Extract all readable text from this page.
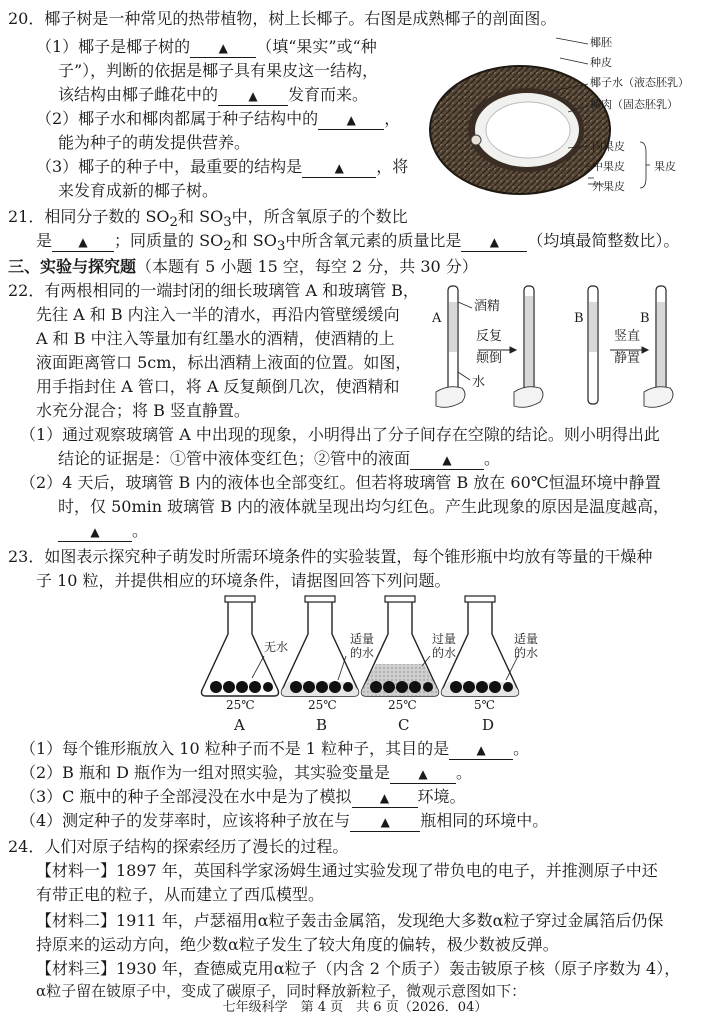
20．椰子树是一种常见的热带植物，树上长椰子。右图是成熟椰子的剖面图。
（1）椰子是椰子树的 ▲ （填“果实”或“种
子”），判断的依据是椰子具有果皮这一结构，
该结构由椰子雌花中的	▲ 发育而来。
（2）椰子水和椰肉都属于种子结构中的 ▲ ，
能为种子的萌发提供营养。
（3）椰子的种子中，最重要的结构是	▲ ，将
来发育成新的椰子树。
椰胚
种皮
椰子水（液态胚乳）
椰肉（固态胚乳）
内果皮
中果皮
外果皮
果皮
21．相同分子数的 $SO_2$和 $SO_3$中，所含氧原子的个数比
是 ▲ ；同质量的 $SO_2$和 $SO_3$中所含氧元素的质量比是 ▲ （均填最简整数比）。
三、实验与探究题（本题有 5 小题 15 空，每空 2 分，共 30 分）
22．有两根相同的一端封闭的细长玻璃管 A 和玻璃管 B，
先往 A 和 B 内注入一半的清水，再沿内管壁缓缓向
A 和 B 中注入等量加有红墨水的酒精，使酒精的上
液面距离管口 5cm，标出酒精上液面的位置。如图，
用手指封住 A 管口，将 A 反复颠倒几次，使酒精和
水充分混合；将 B 竖直静置。
A
酒精
水
反复
颠倒
B
竖直
静置
B
（1）通过观察玻璃管 A 中出现的现象，小明得出了分子间存在空隙的结论。则小明得出此
结论的证据是：①管中液体变红色；②管中的液面	▲ 。
（2）4 天后，玻璃管 B 内的液体也全部变红。但若将玻璃管 B 放在 60℃恒温环境中静置
时，仅 50min 玻璃管 B 内的液体就呈现出均匀红色。产生此现象的原因是温度越高，
▲ 。
23．如图表示探究种子萌发时所需环境条件的实验装置，每个锥形瓶中均放有等量的干燥种
子 10 粒，并提供相应的环境条件，请据图回答下列问题。
无水
适量
的水
过量
的水
适量
的水
25℃	25℃	25℃	5℃
A	B	C	D
（1）每个锥形瓶放入 10 粒种子而不是 1 粒种子，其目的是 ▲ 。
（2）B 瓶和 D 瓶作为一组对照实验，其实验变量是 ▲ 。
（3）C 瓶中的种子全部浸没在水中是为了模拟 ▲ 环境。
（4）测定种子的发芽率时，应该将种子放在与	▲ 瓶相同的环境中。
24．人们对原子结构的探索经历了漫长的过程。
【材料一】1897 年，英国科学家汤姆生通过实验发现了带负电的电子，并推测原子中还
有带正电的粒子，从而建立了西瓜模型。
【材料二】1911 年，卢瑟福用α粒子轰击金属箔，发现绝大多数α粒子穿过金属箔后仍保
持原来的运动方向，绝少数α粒子发生了较大角度的偏转，极少数被反弹。
【材料三】1930 年，查德威克用α粒子（内含 2 个质子）轰击铍原子核（原子序数为 4），
α粒子留在铍原子中，变成了碳原子，同时释放新粒子，微观示意图如下：
七年级科学　第 4 页　共 6 页（2026．04）
